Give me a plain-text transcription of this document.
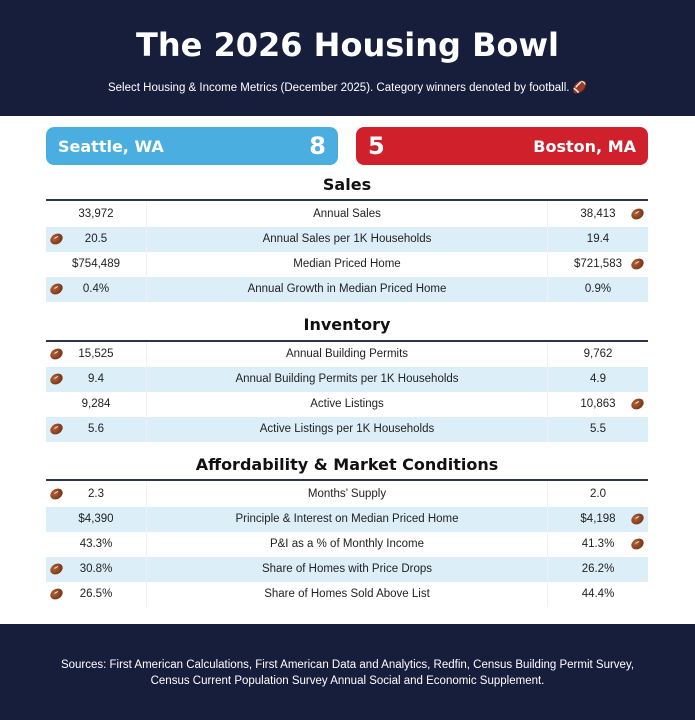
The 2026 Housing Bowl
Select Housing & Income Metrics (December 2025). Category winners denoted by football. 🏈
Seattle, WA	8 5	Boston, MA
Sales
33,972	Annual Sales	38,413
20.5	Annual Sales per 1K Households	19.4
$754,489	Median Priced Home	$721,583
0.4%	Annual Growth in Median Priced Home	0.9%
Inventory
15,525	Annual Building Permits	9,762
9.4	Annual Building Permits per 1K Households	4.9
9,284	Active Listings	10,863
5.6	Active Listings per 1K Households	5.5
Affordability & Market Conditions
2.3	Months’ Supply	2.0
$4,390	Principle & Interest on Median Priced Home	$4,198
43.3%	P&I as a % of Monthly Income	41.3%
30.8%	Share of Homes with Price Drops	26.2%
26.5%	Share of Homes Sold Above List	44.4%
Sources: First American Calculations, First American Data and Analytics, Redfin, Census Building Permit Survey,
Census Current Population Survey Annual Social and Economic Supplement.
